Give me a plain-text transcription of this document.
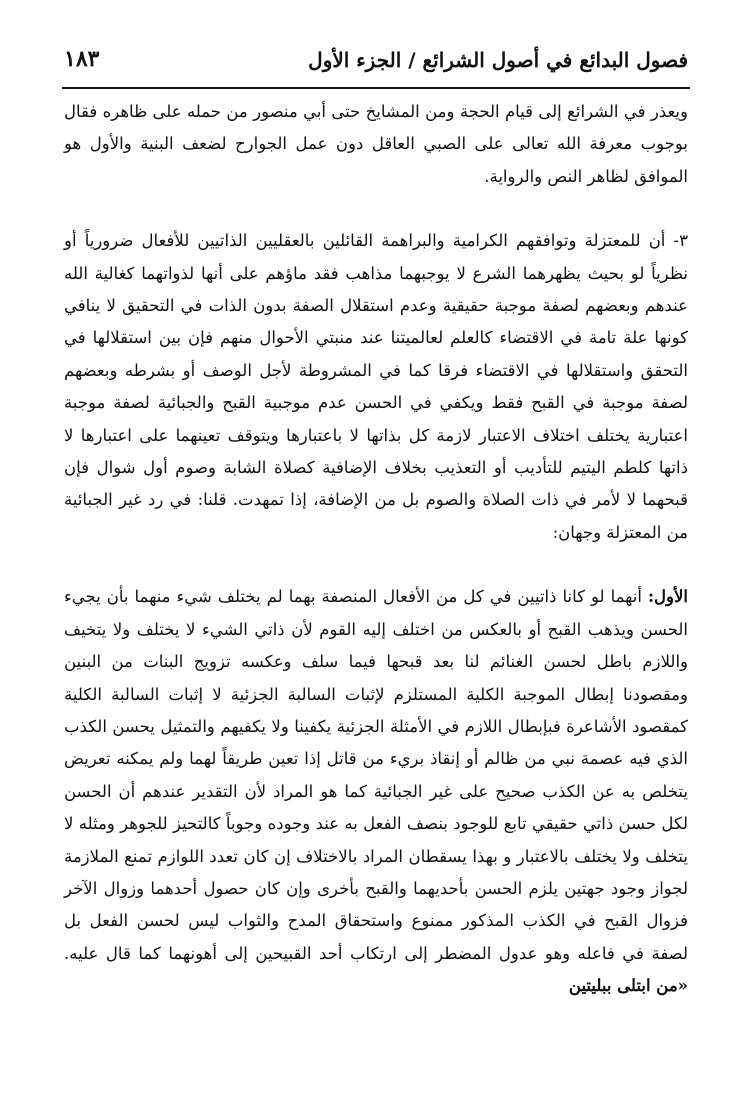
فصول البدائع في أصول الشرائع / الجزء الأول
١٨٣

ويعذر في الشرائع إلى قيام الحجة ومن المشايخ حتى أبي منصور من حمله على ظاهره فقال بوجوب معرفة الله تعالى على الصبي العاقل دون عمل الجوارح لضعف البنية والأول هو الموافق لظاهر النص والرواية.

٣- أن للمعتزلة وتوافقهم الكرامية والبراهمة القائلين بالعقليين الذاتيين للأفعال ضرورياً أو نظرياً لو بحيث يظهرهما الشرع لا يوجبهما مذاهب فقد ماؤهم على أنها لذواتهما كغالية الله عندهم وبعضهم لصفة موجبة حقيقية وعدم استقلال الصفة بدون الذات في التحقيق لا ينافي كونها علة تامة في الاقتضاء كالعلم لعالميتنا عند منبتي الأحوال منهم فإن بين استقلالها في التحقق واستقلالها في الاقتضاء فرقا كما في المشروطة لأجل الوصف أو بشرطه وبعضهم لصفة موجبة في القبح فقط ويكفي في الحسن عدم موجبية القبح والجبائية لصفة موجبة اعتبارية يختلف اختلاف الاعتبار لازمة كل بذاتها لا باعتبارها ويتوقف تعينهما على اعتبارها لا ذاتها كلطم اليتيم للتأديب أو التعذيب بخلاف الإضافية كصلاة الشابة وصوم أول شوال فإن قبحهما لا لأمر في ذات الصلاة والصوم بل من الإضافة، إذا تمهدت. قلنا: في رد غير الجبائية من المعتزلة وجهان:

الأول: أنهما لو كانا ذاتيين في كل من الأفعال المنصفة بهما لم يختلف شيء منهما بأن يجيء الحسن ويذهب القبح أو بالعكس من اختلف إليه القوم لأن ذاتي الشيء لا يختلف ولا يتخيف واللازم باطل لحسن الغنائم لنا بعد قبحها فيما سلف وعكسه تزويج البنات من البنين ومقصودنا إبطال الموجبة الكلية المستلزم لإثبات السالبة الجزئية لا إثبات السالبة الكلية كمقصود الأشاعرة فبإبطال اللازم في الأمثلة الجزئية يكفينا ولا يكفيهم والتمثيل يحسن الكذب الذي فيه عصمة نبي من ظالم أو إنقاذ بريء من قاتل إذا تعين طريقاً لهما ولم يمكنه تعريض يتخلص به عن الكذب صحيح على غير الجبائية كما هو المراد لأن التقدير عندهم أن الحسن لكل حسن ذاتي حقيقي تابع للوجود بنصف الفعل به عند وجوده وجوباً كالتحيز للجوهر ومثله لا يتخلف ولا يختلف بالاعتبار و بهذا يسقطان المراد بالاختلاف إن كان تعدد اللوازم تمنع الملازمة لجواز وجود جهتين يلزم الحسن بأحديهما والقبح بأخرى وإن كان حصول أحدهما وزوال الآخر فزوال القبح في الكذب المذكور ممنوع واستحقاق المدح والثواب ليس لحسن الفعل بل لصفة في فاعله وهو عدول المضطر إلى ارتكاب أحد القبيحين إلى أهونهما كما قال عليه. «من ابتلى ببليتين
